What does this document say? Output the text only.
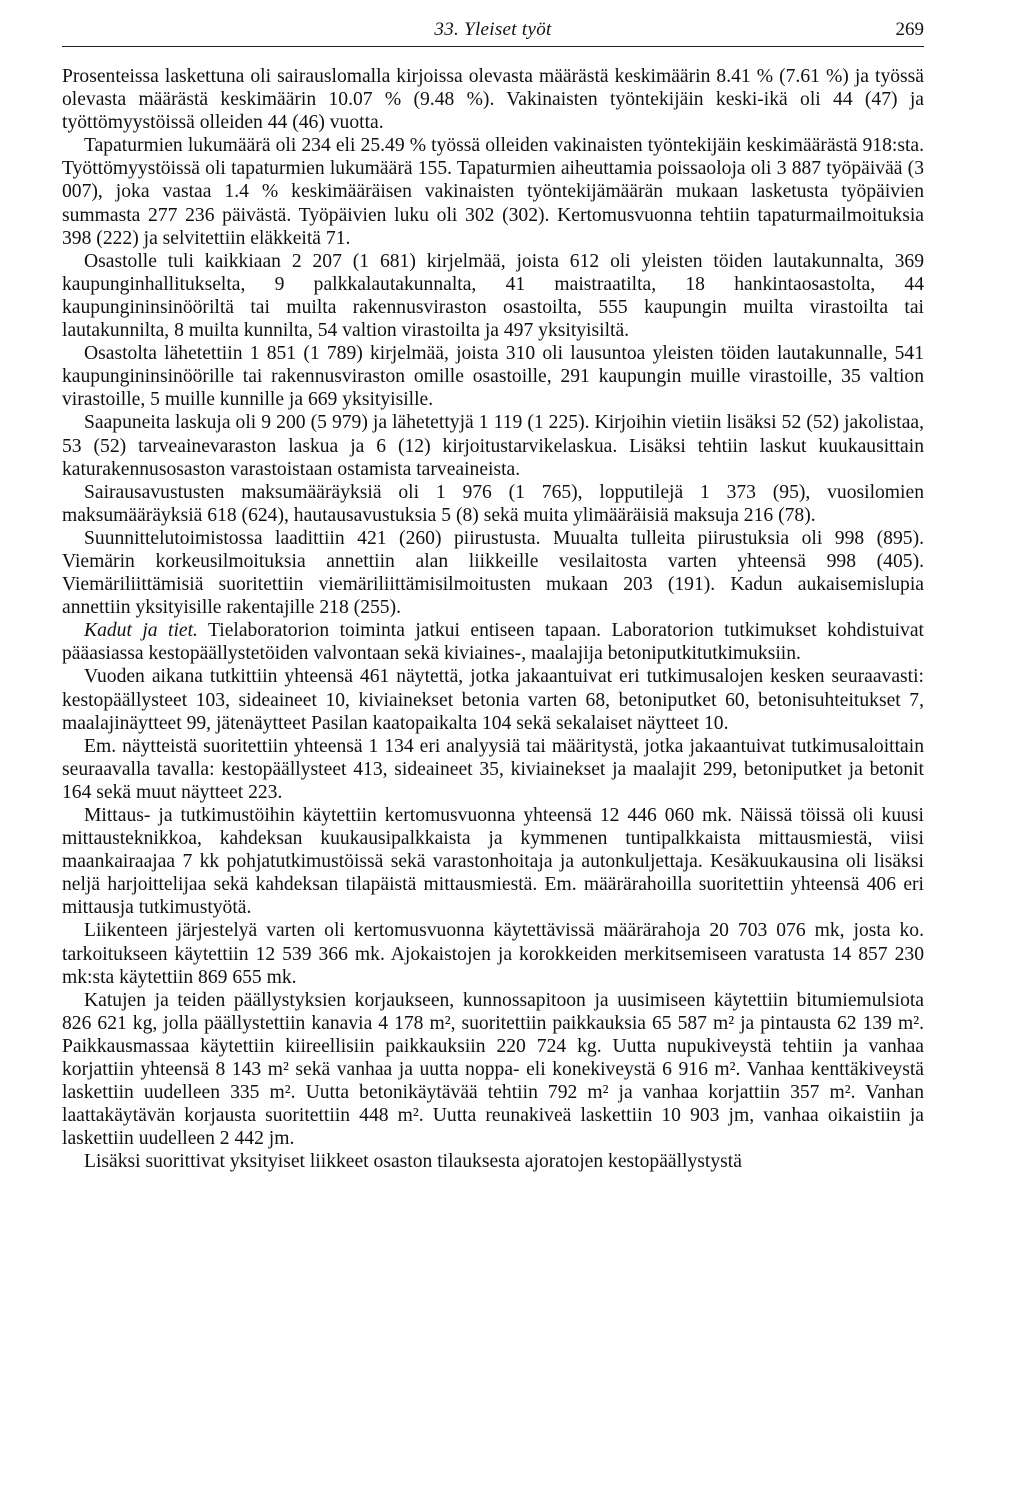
33. Yleiset työt	269

Prosenteissa laskettuna oli sairauslomalla kirjoissa olevasta määrästä keskimäärin 8.41 % (7.61 %) ja työssä olevasta määrästä keskimäärin 10.07 % (9.48 %). Vakinaisten työntekijäin keski-ikä oli 44 (47) ja työttömyystöissä olleiden 44 (46) vuotta.

Tapaturmien lukumäärä oli 234 eli 25.49 % työssä olleiden vakinaisten työntekijäin keskimäärästä 918:sta. Työttömyystöissä oli tapaturmien lukumäärä 155. Tapaturmien aiheuttamia poissaoloja oli 3 887 työpäivää (3 007), joka vastaa 1.4 % keskimääräisen vakinaisten työntekijämäärän mukaan lasketusta työpäivien summasta 277 236 päivästä. Työpäivien luku oli 302 (302). Kertomusvuonna tehtiin tapaturmailmoituksia 398 (222) ja selvitettiin eläkkeitä 71.

Osastolle tuli kaikkiaan 2 207 (1 681) kirjelmää, joista 612 oli yleisten töiden lautakunnalta, 369 kaupunginhallitukselta, 9 palkkalautakunnalta, 41 maistraatilta, 18 hankintaosastolta, 44 kaupungininsinööriltä tai muilta rakennusviraston osastoilta, 555 kaupungin muilta virastoilta tai lautakunnilta, 8 muilta kunnilta, 54 valtion virastoilta ja 497 yksityisiltä.

Osastolta lähetettiin 1 851 (1 789) kirjelmää, joista 310 oli lausuntoa yleisten töiden lautakunnalle, 541 kaupungininsinöörille tai rakennusviraston omille osastoille, 291 kaupungin muille virastoille, 35 valtion virastoille, 5 muille kunnille ja 669 yksityisille.

Saapuneita laskuja oli 9 200 (5 979) ja lähetettyjä 1 119 (1 225). Kirjoihin vietiin lisäksi 52 (52) jakolistaa, 53 (52) tarveainevaraston laskua ja 6 (12) kirjoitustarvikelaskua. Lisäksi tehtiin laskut kuukausittain katurakennusosaston varastoistaan ostamista tarveaineista.

Sairausavustusten maksumääräyksiä oli 1 976 (1 765), lopputilejä 1 373 (95), vuosilomien maksumääräyksiä 618 (624), hautausavustuksia 5 (8) sekä muita ylimääräisiä maksuja 216 (78).

Suunnittelutoimistossa laadittiin 421 (260) piirustusta. Muualta tulleita piirustuksia oli 998 (895). Viemärin korkeusilmoituksia annettiin alan liikkeille vesilaitosta varten yhteensä 998 (405). Viemäriliittämisiä suoritettiin viemäriliittämisilmoitusten mukaan 203 (191). Kadun aukaisemislupia annettiin yksityisille rakentajille 218 (255).

Kadut ja tiet. Tielaboratorion toiminta jatkui entiseen tapaan. Laboratorion tutkimukset kohdistuivat pääasiassa kestopäällystetöiden valvontaan sekä kiviaines-, maalajija betoniputkitutkimuksiin.

Vuoden aikana tutkittiin yhteensä 461 näytettä, jotka jakaantuivat eri tutkimusalojen kesken seuraavasti: kestopäällysteet 103, sideaineet 10, kiviainekset betonia varten 68, betoniputket 60, betonisuhteitukset 7, maalajinäytteet 99, jätenäytteet Pasilan kaatopaikalta 104 sekä sekalaiset näytteet 10.

Em. näytteistä suoritettiin yhteensä 1 134 eri analyysiä tai määritystä, jotka jakaantuivat tutkimusaloittain seuraavalla tavalla: kestopäällysteet 413, sideaineet 35, kiviainekset ja maalajit 299, betoniputket ja betonit 164 sekä muut näytteet 223.

Mittaus- ja tutkimustöihin käytettiin kertomusvuonna yhteensä 12 446 060 mk. Näissä töissä oli kuusi mittausteknikkoa, kahdeksan kuukausipalkkaista ja kymmenen tuntipalkkaista mittausmiestä, viisi maankairaajaa 7 kk pohjatutkimustöissä sekä varastonhoitaja ja autonkuljettaja. Kesäkuukausina oli lisäksi neljä harjoittelijaa sekä kahdeksan tilapäistä mittausmiestä. Em. määrärahoilla suoritettiin yhteensä 406 eri mittausja tutkimustyötä.

Liikenteen järjestelyä varten oli kertomusvuonna käytettävissä määrärahoja 20 703 076 mk, josta ko. tarkoitukseen käytettiin 12 539 366 mk. Ajokaistojen ja korokkeiden merkitsemiseen varatusta 14 857 230 mk:sta käytettiin 869 655 mk.

Katujen ja teiden päällystyksien korjaukseen, kunnossapitoon ja uusimiseen käytettiin bitumiemulsiota 826 621 kg, jolla päällystettiin kanavia 4 178 m², suoritettiin paikkauksia 65 587 m² ja pintausta 62 139 m². Paikkausmassaa käytettiin kiireellisiin paikkauksiin 220 724 kg. Uutta nupukiveystä tehtiin ja vanhaa korjattiin yhteensä 8 143 m² sekä vanhaa ja uutta noppa- eli konekiveystä 6 916 m². Vanhaa kenttäkiveystä laskettiin uudelleen 335 m². Uutta betonikäytävää tehtiin 792 m² ja vanhaa korjattiin 357 m². Vanhan laattakäytävän korjausta suoritettiin 448 m². Uutta reunakiveä laskettiin 10 903 jm, vanhaa oikaistiin ja laskettiin uudelleen 2 442 jm.

Lisäksi suorittivat yksityiset liikkeet osaston tilauksesta ajoratojen kestopäällystystä
